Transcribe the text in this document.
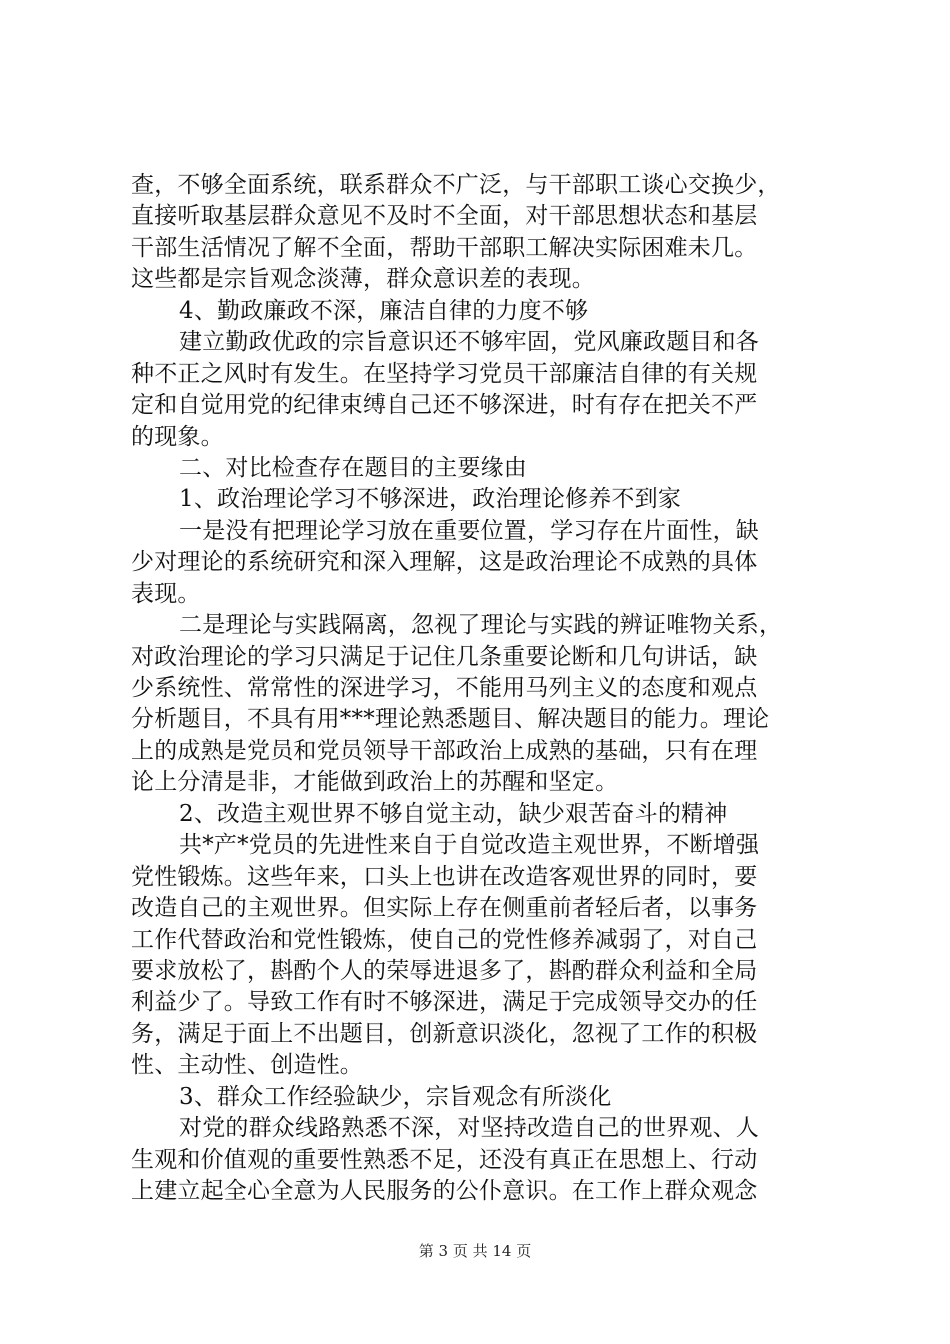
查，不够全面系统，联系群众不广泛，与干部职工谈心交换少，
直接听取基层群众意见不及时不全面，对干部思想状态和基层
干部生活情况了解不全面，帮助干部职工解决实际困难未几。
这些都是宗旨观念淡薄，群众意识差的表现。
4、勤政廉政不深，廉洁自律的力度不够
建立勤政优政的宗旨意识还不够牢固，党风廉政题目和各
种不正之风时有发生。在坚持学习党员干部廉洁自律的有关规
定和自觉用党的纪律束缚自己还不够深进，时有存在把关不严
的现象。
二、对比检查存在题目的主要缘由
1、政治理论学习不够深进，政治理论修养不到家
一是没有把理论学习放在重要位置，学习存在片面性，缺
少对理论的系统研究和深入理解，这是政治理论不成熟的具体
表现。
二是理论与实践隔离，忽视了理论与实践的辨证唯物关系，
对政治理论的学习只满足于记住几条重要论断和几句讲话，缺
少系统性、常常性的深进学习，不能用马列主义的态度和观点
分析题目，不具有用***理论熟悉题目、解决题目的能力。理论
上的成熟是党员和党员领导干部政治上成熟的基础，只有在理
论上分清是非，才能做到政治上的苏醒和坚定。
2、改造主观世界不够自觉主动，缺少艰苦奋斗的精神
共*产*党员的先进性来自于自觉改造主观世界，不断增强
党性锻炼。这些年来，口头上也讲在改造客观世界的同时，要
改造自己的主观世界。但实际上存在侧重前者轻后者，以事务
工作代替政治和党性锻炼，使自己的党性修养减弱了，对自己
要求放松了，斟酌个人的荣辱进退多了，斟酌群众利益和全局
利益少了。导致工作有时不够深进，满足于完成领导交办的任
务，满足于面上不出题目，创新意识淡化，忽视了工作的积极
性、主动性、创造性。
3、群众工作经验缺少，宗旨观念有所淡化
对党的群众线路熟悉不深，对坚持改造自己的世界观、人
生观和价值观的重要性熟悉不足，还没有真正在思想上、行动
上建立起全心全意为人民服务的公仆意识。在工作上群众观念
第 3 页 共 14 页
